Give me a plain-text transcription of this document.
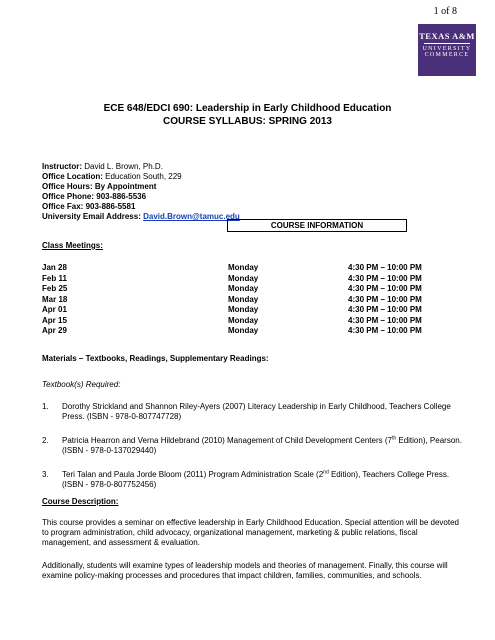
1 of 8
TEXAS A&M
UNIVERSITY
COMMERCE
ECE 648/EDCI 690: Leadership in Early Childhood Education
COURSE SYLLABUS: SPRING 2013
Instructor: David L. Brown, Ph.D.
Office Location: Education South, 229
Office Hours: By Appointment
Office Phone: 903-886-5536
Office Fax: 903-886-5581
University Email Address: David.Brown@tamuc.edu
COURSE INFORMATION
Class Meetings:
Jan 28	Monday	4:30 PM – 10:00 PM
Feb 11	Monday	4:30 PM – 10:00 PM
Feb 25	Monday	4:30 PM – 10:00 PM
Mar 18	Monday	4:30 PM – 10:00 PM
Apr 01	Monday	4:30 PM – 10:00 PM
Apr 15	Monday	4:30 PM – 10:00 PM
Apr 29	Monday	4:30 PM – 10:00 PM
Materials – Textbooks, Readings, Supplementary Readings:
Textbook(s) Required:
1. Dorothy Strickland and Shannon Riley-Ayers (2007) Literacy Leadership in Early Childhood, Teachers College Press. (ISBN - 978-0-807747728)
2. Patricia Hearron and Verna Hildebrand (2010) Management of Child Development Centers (7th Edition), Pearson. (ISBN - 978-0-137029440)
3. Teri Talan and Paula Jorde Bloom (2011) Program Administration Scale (2nd Edition), Teachers College Press. (ISBN - 978-0-807752456)
Course Description:
This course provides a seminar on effective leadership in Early Childhood Education. Special attention will be devoted to program administration, child advocacy, organizational management, marketing & public relations, fiscal management, and assessment & evaluation.
Additionally, students will examine types of leadership models and theories of management. Finally, this course will examine policy-making processes and procedures that impact children, families, communities, and schools.
